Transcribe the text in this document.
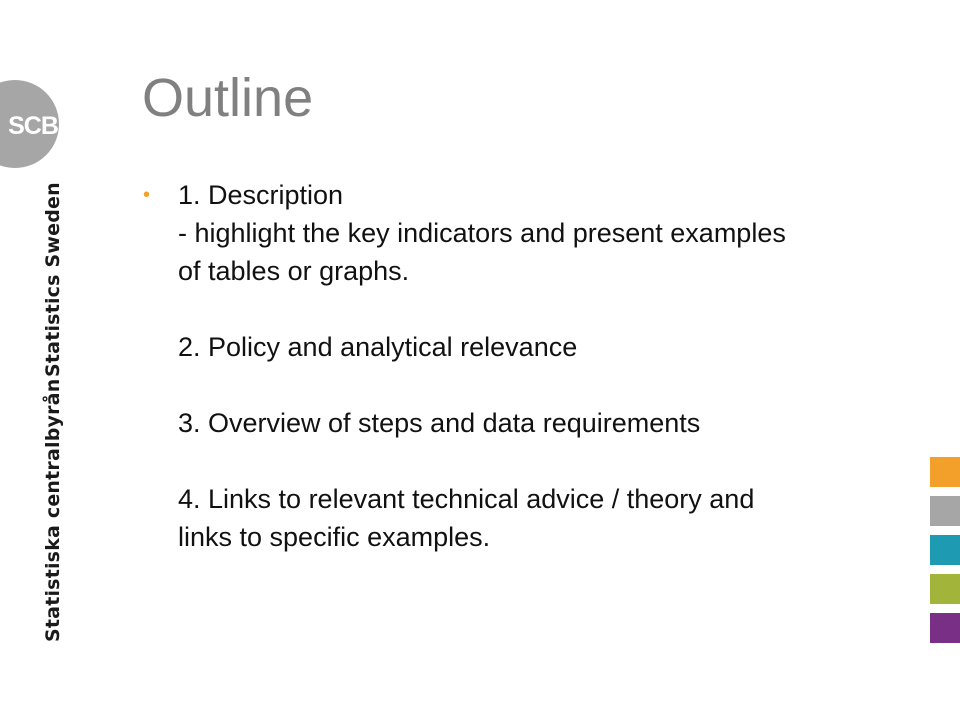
SCB
Statistics Sweden
Statistiska centralbyrån
Outline
• 1. Description
- highlight the key indicators and present examples
of tables or graphs.
2. Policy and analytical relevance
3. Overview of steps and data requirements
4. Links to relevant technical advice / theory and
links to specific examples.
